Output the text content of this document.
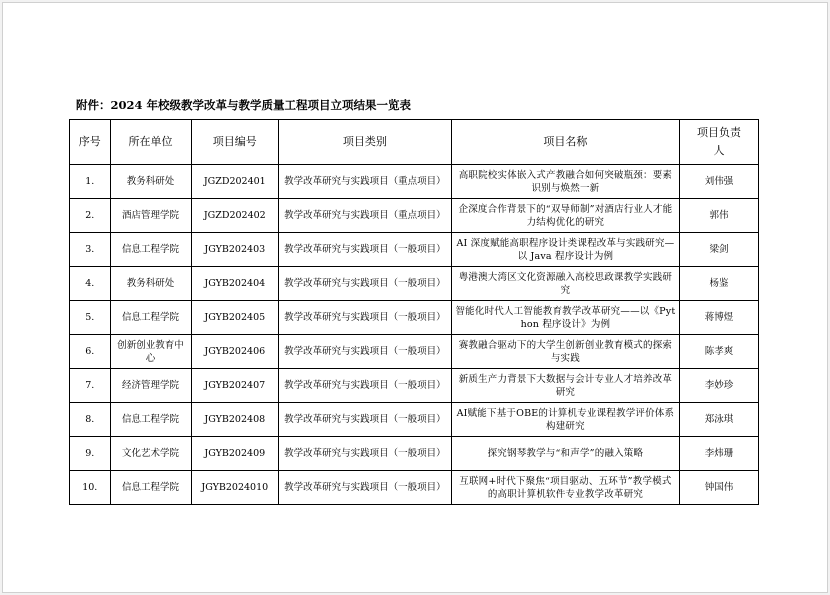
附件：2024 年校级教学改革与教学质量工程项目立项结果一览表
序号	所在单位	项目编号	项目类别	项目名称	项目负责人
1.	教务科研处	JGZD202401	教学改革研究与实践项目（重点项目）	高职院校实体嵌入式产教融合如何突破瓶颈：要素识别与焕然一新	刘伟强
2.	酒店管理学院	JGZD202402	教学改革研究与实践项目（重点项目）	企深度合作背景下的“双导师制”对酒店行业人才能力结构优化的研究	郭伟
3.	信息工程学院	JGYB202403	教学改革研究与实践项目（一般项目）	AI 深度赋能高职程序设计类课程改革与实践研究—以 Java 程序设计为例	梁剑
4.	教务科研处	JGYB202404	教学改革研究与实践项目（一般项目）	粤港澳大湾区文化资源融入高校思政课教学实践研究	杨鉴
5.	信息工程学院	JGYB202405	教学改革研究与实践项目（一般项目）	智能化时代人工智能教育教学改革研究——以《Python 程序设计》为例	蒋博煜
6.	创新创业教育中心	JGYB202406	教学改革研究与实践项目（一般项目）	赛教融合驱动下的大学生创新创业教育模式的探索与实践	陈孝爽
7.	经济管理学院	JGYB202407	教学改革研究与实践项目（一般项目）	新质生产力背景下大数据与会计专业人才培养改革研究	李妙珍
8.	信息工程学院	JGYB202408	教学改革研究与实践项目（一般项目）	AI赋能下基于OBE的计算机专业课程教学评价体系构建研究	郑泳琪
9.	文化艺术学院	JGYB202409	教学改革研究与实践项目（一般项目）	探究钢琴教学与“和声学”的融入策略	李炜珊
10.	信息工程学院	JGYB2024010	教学改革研究与实践项目（一般项目）	互联网+时代下聚焦“项目驱动、五环节”教学模式的高职计算机软件专业教学改革研究	钟国伟
